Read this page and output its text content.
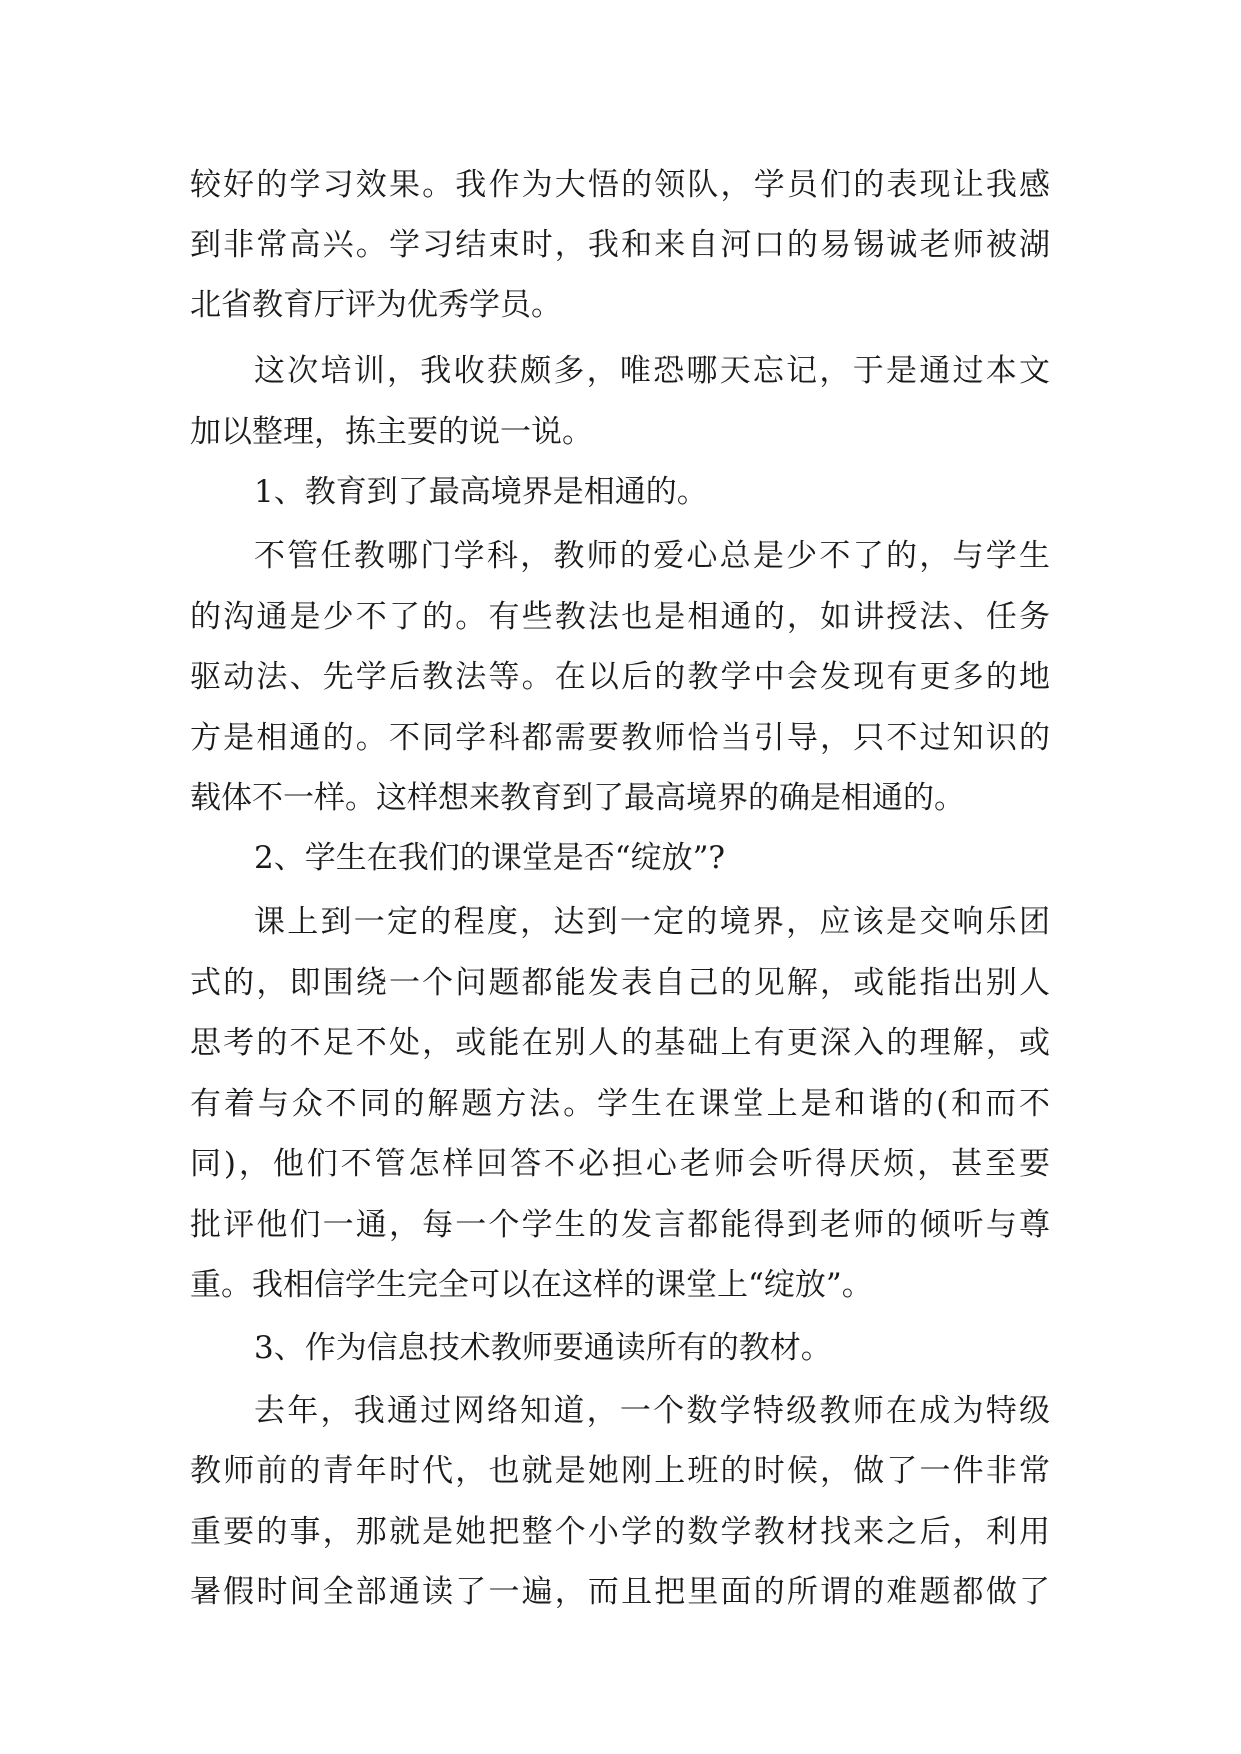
较好的学习效果。我作为大悟的领队，学员们的表现让我感
到非常高兴。学习结束时，我和来自河口的易锡诚老师被湖
北省教育厅评为优秀学员。
这次培训，我收获颇多，唯恐哪天忘记，于是通过本文
加以整理，拣主要的说一说。
1、教育到了最高境界是相通的。
不管任教哪门学科，教师的爱心总是少不了的，与学生
的沟通是少不了的。有些教法也是相通的，如讲授法、任务
驱动法、先学后教法等。在以后的教学中会发现有更多的地
方是相通的。不同学科都需要教师恰当引导，只不过知识的
载体不一样。这样想来教育到了最高境界的确是相通的。
2、学生在我们的课堂是否“绽放”?
课上到一定的程度，达到一定的境界，应该是交响乐团
式的，即围绕一个问题都能发表自己的见解，或能指出别人
思考的不足不处，或能在别人的基础上有更深入的理解，或
有着与众不同的解题方法。学生在课堂上是和谐的(和而不
同)，他们不管怎样回答不必担心老师会听得厌烦，甚至要
批评他们一通，每一个学生的发言都能得到老师的倾听与尊
重。我相信学生完全可以在这样的课堂上“绽放”。
3、作为信息技术教师要通读所有的教材。
去年，我通过网络知道，一个数学特级教师在成为特级
教师前的青年时代，也就是她刚上班的时候，做了一件非常
重要的事，那就是她把整个小学的数学教材找来之后，利用
暑假时间全部通读了一遍，而且把里面的所谓的难题都做了
